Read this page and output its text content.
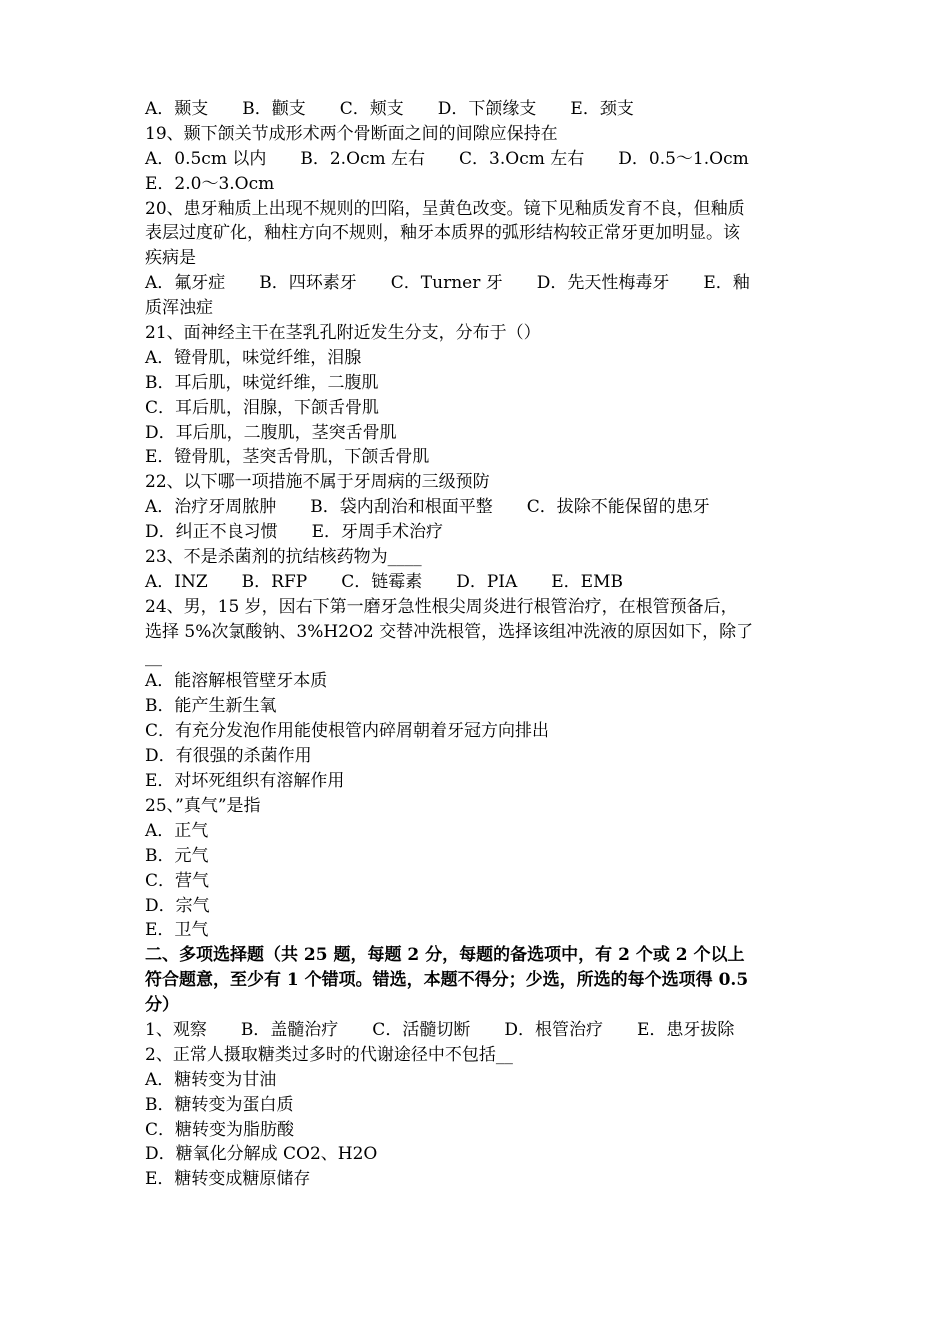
A．颞支　　B．颧支　　C．颊支　　D．下颌缘支　　E．颈支
19、颞下颌关节成形术两个骨断面之间的间隙应保持在
A．0.5cm 以内　　B．2.Ocm 左右　　C．3.Ocm 左右　　D．0.5～1.Ocm
E．2.0～3.Ocm
20、患牙釉质上出现不规则的凹陷，呈黄色改变。镜下见釉质发育不良，但釉质
表层过度矿化，釉柱方向不规则，釉牙本质界的弧形结构较正常牙更加明显。该
疾病是
A．氟牙症　　B．四环素牙　　C．Turner 牙　　D．先天性梅毒牙　　E．釉
质浑浊症
21、面神经主干在茎乳孔附近发生分支，分布于（）
A．镫骨肌，味觉纤维，泪腺
B．耳后肌，味觉纤维，二腹肌
C．耳后肌，泪腺，下颌舌骨肌
D．耳后肌，二腹肌，茎突舌骨肌
E．镫骨肌，茎突舌骨肌，下颌舌骨肌
22、以下哪一项措施不属于牙周病的三级预防
A．治疗牙周脓肿　　B．袋内刮治和根面平整　　C．拔除不能保留的患牙
D．纠正不良习惯　　E．牙周手术治疗
23、不是杀菌剂的抗结核药物为____
A．INZ　　B．RFP　　C．链霉素　　D．PIA　　E．EMB
24、男，15 岁，因右下第一磨牙急性根尖周炎进行根管治疗，在根管预备后，
选择 5%次氯酸钠、3%H2O2 交替冲洗根管，选择该组冲洗液的原因如下，除了
__
A．能溶解根管壁牙本质
B．能产生新生氧
C．有充分发泡作用能使根管内碎屑朝着牙冠方向排出
D．有很强的杀菌作用
E．对坏死组织有溶解作用
25、”真气”是指
A．正气
B．元气
C．营气
D．宗气
E．卫气
二、多项选择题（共 25 题，每题 2 分，每题的备选项中，有 2 个或 2 个以上
符合题意，至少有 1 个错项。错选，本题不得分；少选，所选的每个选项得 0.5
分）
1、观察　　B．盖髓治疗　　C．活髓切断　　D．根管治疗　　E．患牙拔除
2、正常人摄取糖类过多时的代谢途径中不包括__
A．糖转变为甘油
B．糖转变为蛋白质
C．糖转变为脂肪酸
D．糖氧化分解成 CO2、H2O
E．糖转变成糖原储存
